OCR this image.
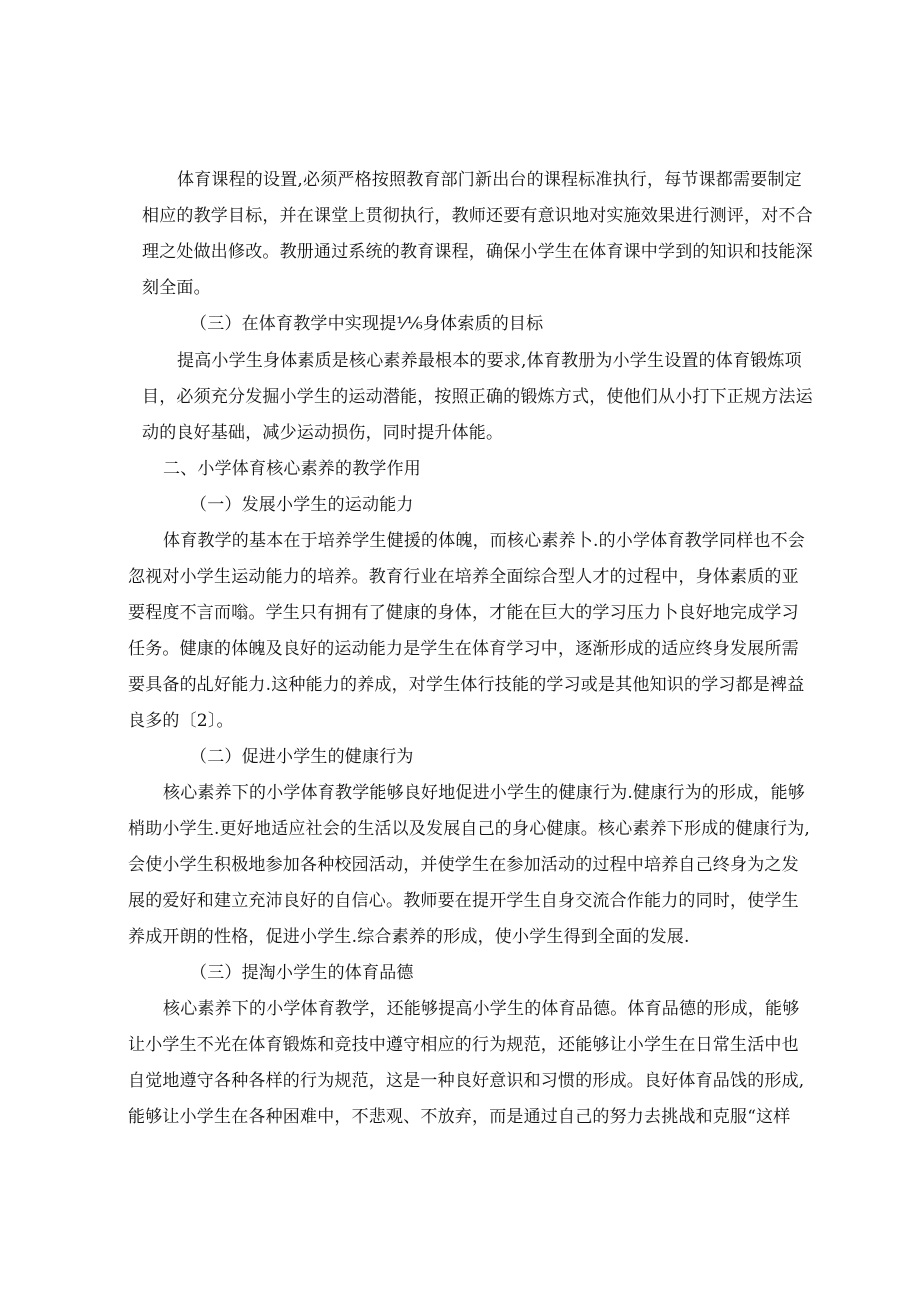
体育课程的设置,必须严格按照教育部门新出台的课程标准执行，每节课都需要制定

相应的教学目标，并在课堂上贯彻执行，教师还要有意识地对实施效果进行测评，对不合

理之处做出修改。教册通过系统的教育课程，确保小学生在体育课中学到的知识和技能深

刻全面。

（三）在体育教学中实现提⅟⅙身体索质的目标

提高小学生身体素质是核心素养最根本的要求,体育教册为小学生设置的体育锻炼项

目，必须充分发掘小学生的运动潜能，按照正确的锻炼方式，使他们从小打下正规方法运

动的良好基础，减少运动损伤，同时提升体能。

二、小学体育核心素养的教学作用

（一）发展小学生的运动能力

体育教学的基本在于培养学生健援的体魄，而核心素养卜.的小学体育教学同样也不会

忽视对小学生运动能力的培养。教育行业在培养全面综合型人才的过程中，身体素质的亚

要程度不言而嗡。学生只有拥有了健康的身体，才能在巨大的学习压力卜良好地完成学习

任务。健康的体魄及良好的运动能力是学生在体育学习中，逐渐形成的适应终身发展所需

要具备的乩好能力.这种能力的养成，对学生体行技能的学习或是其他知识的学习都是裨益

良多的〔2〕。

（二）促进小学生的健康行为

核心素养下的小学体育教学能够良好地促进小学生的健康行为.健康行为的形成，能够

梢助小学生.更好地适应社会的生活以及发展自己的身心健康。核心素养下形成的健康行为,

会使小学生积极地参加各种校园活动，并使学生在参加活动的过程中培养自己终身为之发

展的爱好和建立充沛良好的自信心。教师要在提开学生自身交流合作能力的同时，使学生

养成开朗的性格，促进小学生.综合素养的形成，使小学生得到全面的发展.

（三）提淘小学生的体育品德

核心素养下的小学体育教学，还能够提高小学生的体育品德。体育品德的形成，能够

让小学生不光在体育锻炼和竞技中遵守相应的行为规范，还能够让小学生在日常生活中也

自觉地遵守各种各样的行为规范，这是一种良好意识和习惯的形成。良好体育品饯的形成,

能够让小学生在各种困难中，不悲观、不放弃，而是通过自己的努力去挑战和克服“这样
